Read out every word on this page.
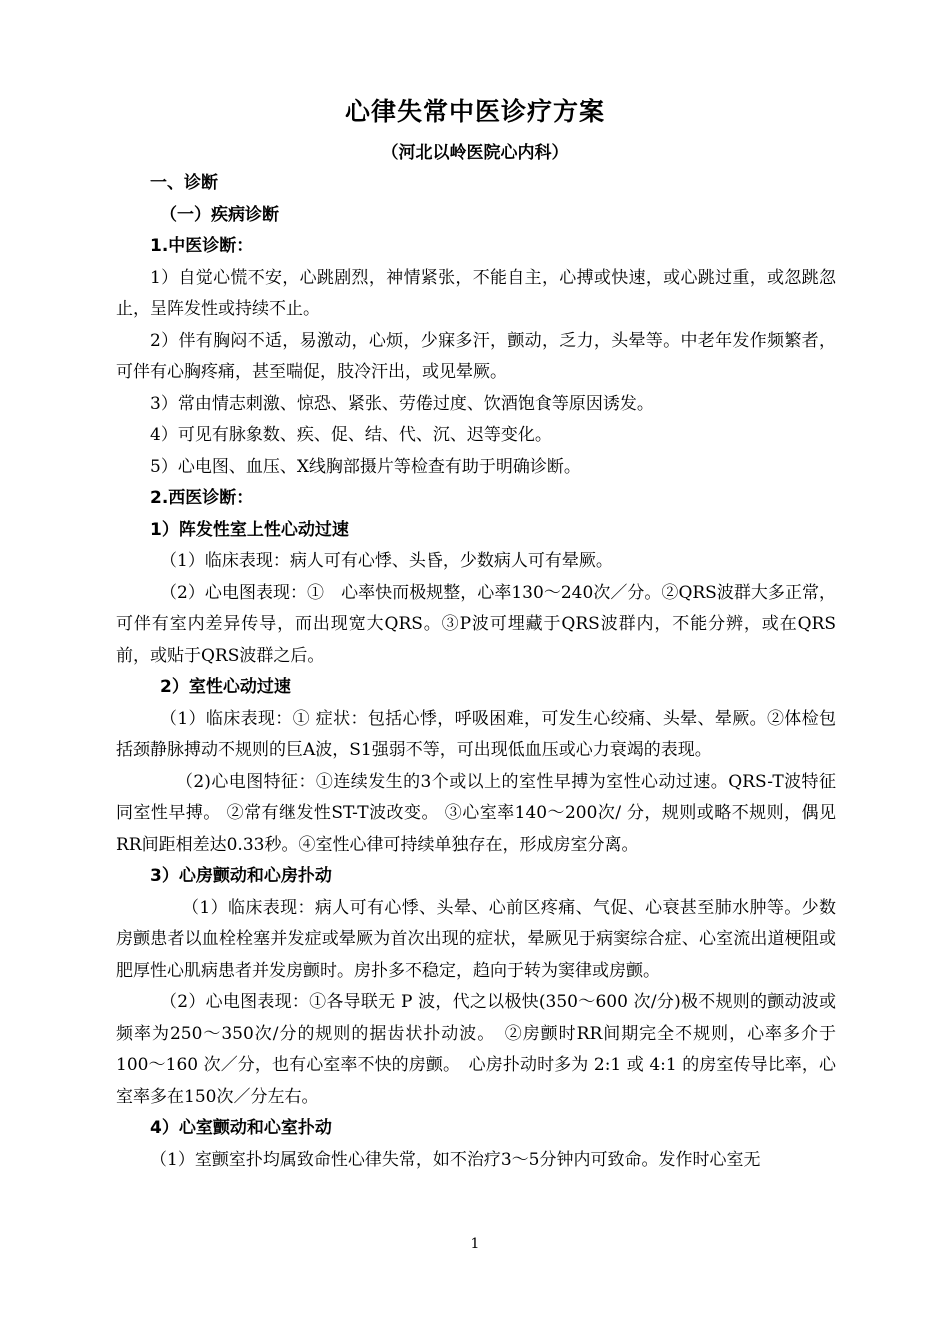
心律失常中医诊疗方案
（河北以岭医院心内科）

一、诊断

（一）疾病诊断

1.中医诊断：

1）自觉心慌不安，心跳剧烈，神情紧张，不能自主，心搏或快速，或心跳过重，或忽跳忽止，呈阵发性或持续不止。

2）伴有胸闷不适，易激动，心烦，少寐多汗，颤动，乏力，头晕等。中老年发作频繁者，可伴有心胸疼痛，甚至喘促，肢冷汗出，或见晕厥。

3）常由情志刺激、惊恐、紧张、劳倦过度、饮酒饱食等原因诱发。

4）可见有脉象数、疾、促、结、代、沉、迟等变化。

5）心电图、血压、X线胸部摄片等检查有助于明确诊断。

2.西医诊断：

1）阵发性室上性心动过速

（1）临床表现：病人可有心悸、头昏，少数病人可有晕厥。

（2）心电图表现：①　心率快而极规整，心率130～240次／分。②QRS波群大多正常，可伴有室内差异传导，而出现宽大QRS。③P波可埋藏于QRS波群内，不能分辨，或在QRS前，或贴于QRS波群之后。

2）室性心动过速

（1）临床表现：① 症状：包括心悸，呼吸困难，可发生心绞痛、头晕、晕厥。②体检包括颈静脉搏动不规则的巨A波，S1强弱不等，可出现低血压或心力衰竭的表现。

（2)心电图特征：①连续发生的3个或以上的室性早搏为室性心动过速。QRS-T波特征同室性早搏。 ②常有继发性ST-T波改变。 ③心室率140～200次/ 分，规则或略不规则，偶见RR间距相差达0.33秒。④室性心律可持续单独存在，形成房室分离。

3）心房颤动和心房扑动

（1）临床表现：病人可有心悸、头晕、心前区疼痛、气促、心衰甚至肺水肿等。少数房颤患者以血栓栓塞并发症或晕厥为首次出现的症状，晕厥见于病窦综合症、心室流出道梗阻或肥厚性心肌病患者并发房颤时。房扑多不稳定，趋向于转为窦律或房颤。

（2）心电图表现：①各导联无 P 波，代之以极快(350～600 次/分)极不规则的颤动波或频率为250～350次/分的规则的据齿状扑动波。　②房颤时RR间期完全不规则，心率多介于 100～160 次／分，也有心室率不快的房颤。　心房扑动时多为 2:1 或 4:1 的房室传导比率，心室率多在150次／分左右。

4）心室颤动和心室扑动

（1）室颤室扑均属致命性心律失常，如不治疗3～5分钟内可致命。发作时心室无

1
